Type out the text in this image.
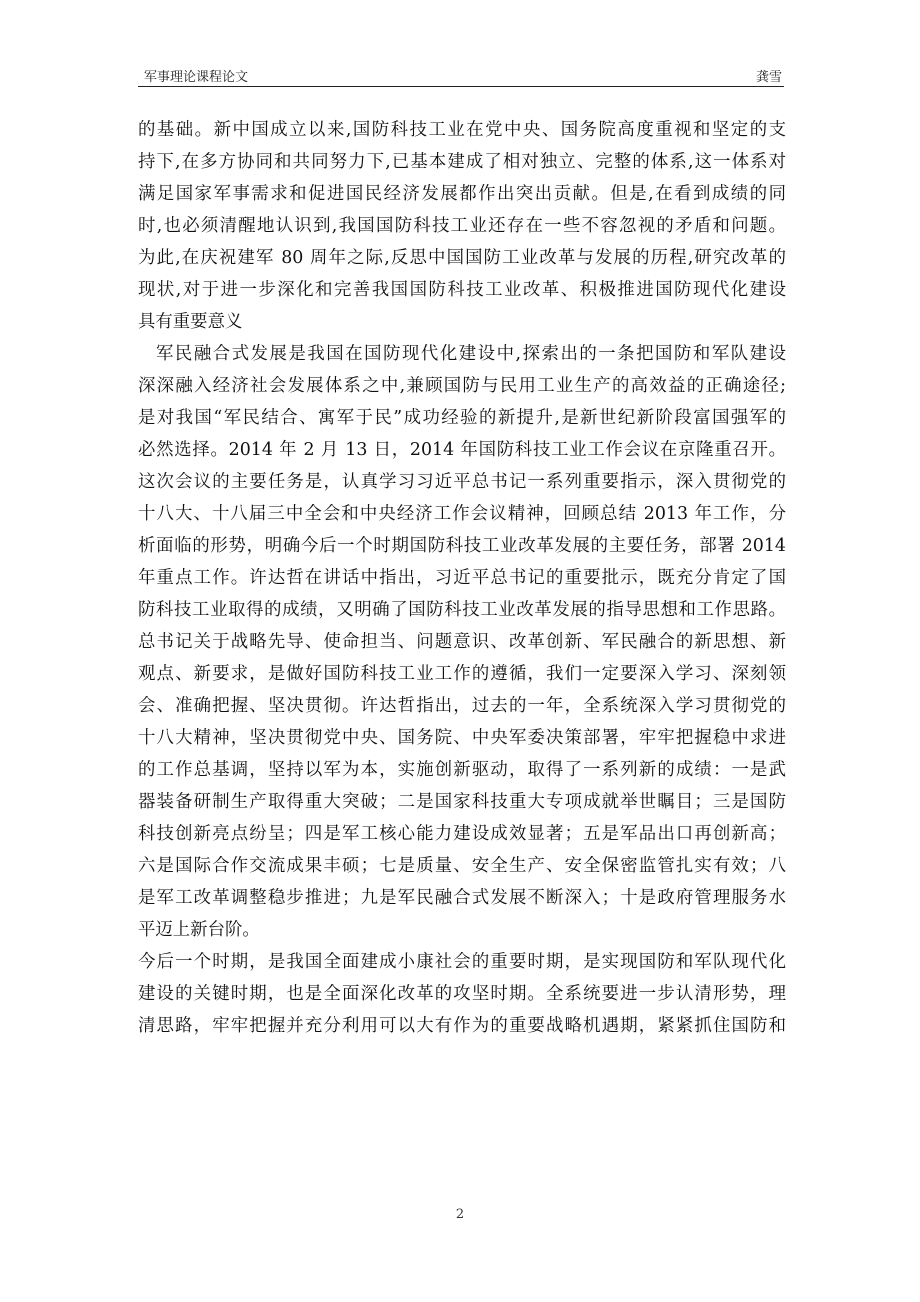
军事理论课程论文	龚雪
的基础。新中国成立以来,国防科技工业在党中央、国务院高度重视和坚定的支
持下,在多方协同和共同努力下,已基本建成了相对独立、完整的体系,这一体系对
满足国家军事需求和促进国民经济发展都作出突出贡献。但是,在看到成绩的同
时,也必须清醒地认识到,我国国防科技工业还存在一些不容忽视的矛盾和问题。
为此,在庆祝建军 80 周年之际,反思中国国防工业改革与发展的历程,研究改革的
现状,对于进一步深化和完善我国国防科技工业改革、积极推进国防现代化建设
具有重要意义
军民融合式发展是我国在国防现代化建设中,探索出的一条把国防和军队建设
深深融入经济社会发展体系之中,兼顾国防与民用工业生产的高效益的正确途径;
是对我国“军民结合、寓军于民”成功经验的新提升,是新世纪新阶段富国强军的
必然选择。2014 年 2 月 13 日，2014 年国防科技工业工作会议在京隆重召开。
这次会议的主要任务是，认真学习习近平总书记一系列重要指示，深入贯彻党的
十八大、十八届三中全会和中央经济工作会议精神，回顾总结 2013 年工作，分
析面临的形势，明确今后一个时期国防科技工业改革发展的主要任务，部署 2014
年重点工作。许达哲在讲话中指出，习近平总书记的重要批示，既充分肯定了国
防科技工业取得的成绩，又明确了国防科技工业改革发展的指导思想和工作思路。
总书记关于战略先导、使命担当、问题意识、改革创新、军民融合的新思想、新
观点、新要求，是做好国防科技工业工作的遵循，我们一定要深入学习、深刻领
会、准确把握、坚决贯彻。许达哲指出，过去的一年，全系统深入学习贯彻党的
十八大精神，坚决贯彻党中央、国务院、中央军委决策部署，牢牢把握稳中求进
的工作总基调，坚持以军为本，实施创新驱动，取得了一系列新的成绩：一是武
器装备研制生产取得重大突破；二是国家科技重大专项成就举世瞩目；三是国防
科技创新亮点纷呈；四是军工核心能力建设成效显著；五是军品出口再创新高；
六是国际合作交流成果丰硕；七是质量、安全生产、安全保密监管扎实有效；八
是军工改革调整稳步推进；九是军民融合式发展不断深入；十是政府管理服务水
平迈上新台阶。
今后一个时期，是我国全面建成小康社会的重要时期，是实现国防和军队现代化
建设的关键时期，也是全面深化改革的攻坚时期。全系统要进一步认清形势，理
清思路，牢牢把握并充分利用可以大有作为的重要战略机遇期，紧紧抓住国防和
2
